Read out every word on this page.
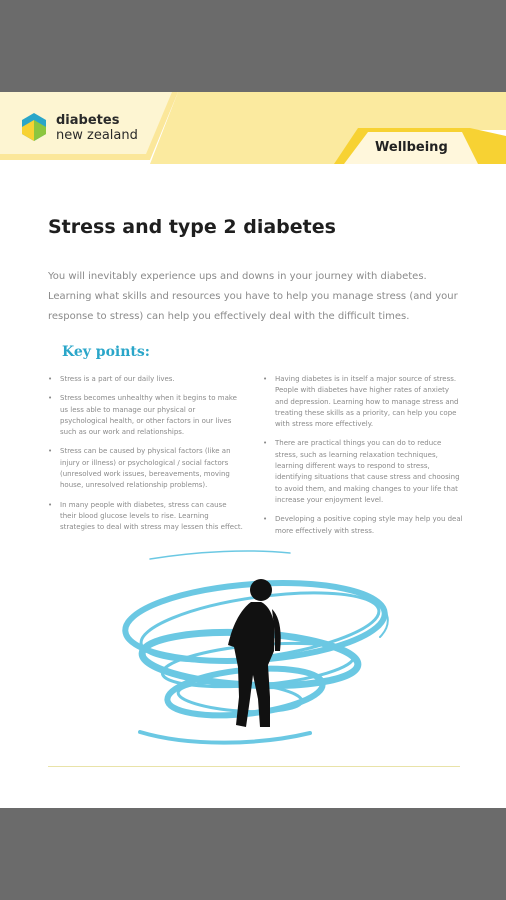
diabetes
new zealand
Wellbeing
Stress and type 2 diabetes

You will inevitably experience ups and downs in your journey with diabetes. Learning what skills and resources you have to help you manage stress (and your response to stress) can help you effectively deal with the difficult times.

Key points:
• Stress is a part of our daily lives.
• Stress becomes unhealthy when it begins to make us less able to manage our physical or psychological health, or other factors in our lives such as our work and relationships.
• Stress can be caused by physical factors (like an injury or illness) or psychological / social factors (unresolved work issues, bereavements, moving house, unresolved relationship problems).
• In many people with diabetes, stress can cause their blood glucose levels to rise. Learning strategies to deal with stress may lessen this effect.
• Having diabetes is in itself a major source of stress. People with diabetes have higher rates of anxiety and depression. Learning how to manage stress and treating these skills as a priority, can help you cope with stress more effectively.
• There are practical things you can do to reduce stress, such as learning relaxation techniques, learning different ways to respond to stress, identifying situations that cause stress and choosing to avoid them, and making changes to your life that increase your enjoyment level.
• Developing a positive coping style may help you deal more effectively with stress.
